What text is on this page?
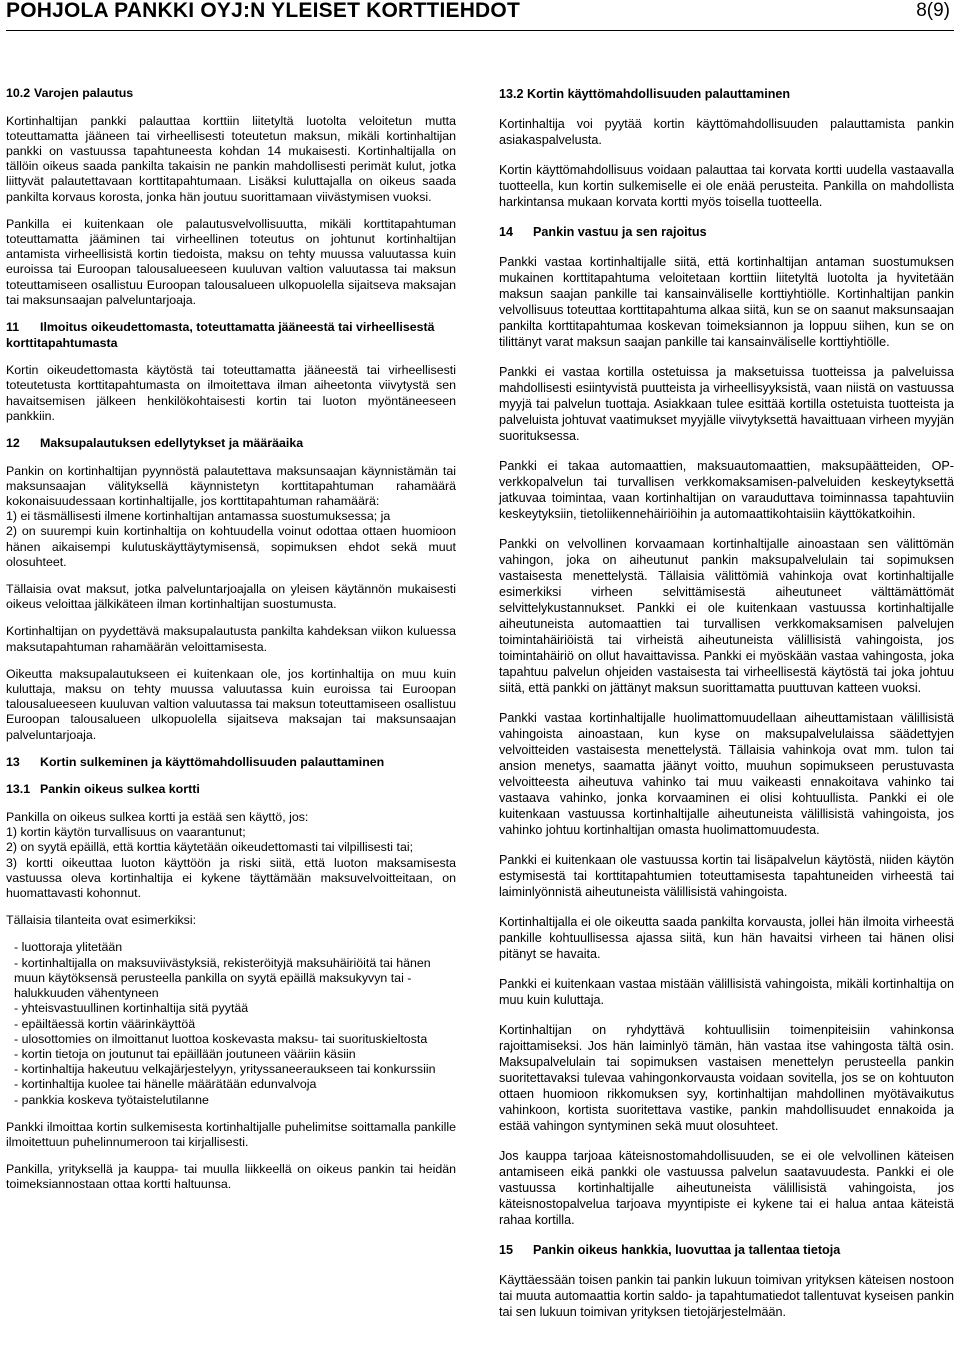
POHJOLA PANKKI OYJ:N YLEISET KORTTIEHDOT	8(9)
10.2 Varojen palautus

Kortinhaltijan pankki palauttaa korttiin liitetyltä luotolta veloitetun mutta toteuttamatta jääneen tai virheellisesti toteutetun maksun, mikäli kortinhaltijan pankki on vastuussa tapahtuneesta kohdan 14 mukaisesti. Kortinhaltijalla on tällöin oikeus saada pankilta takaisin ne pankin mahdollisesti perimät kulut, jotka liittyvät palautettavaan korttitapahtumaan. Lisäksi kuluttajalla on oikeus saada pankilta korvaus korosta, jonka hän joutuu suorittamaan viivästymisen vuoksi.

Pankilla ei kuitenkaan ole palautusvelvollisuutta, mikäli korttitapahtuman toteuttamatta jääminen tai virheellinen toteutus on johtunut kortinhaltijan antamista virheellisistä kortin tiedoista, maksu on tehty muussa valuutassa kuin euroissa tai Euroopan talousalueeseen kuuluvan valtion valuutassa tai maksun toteuttamiseen osallistuu Euroopan talousalueen ulkopuolella sijaitseva maksajan tai maksunsaajan palveluntarjoaja.

11 Ilmoitus oikeudettomasta, toteuttamatta jääneestä tai virheellisestä korttitapahtumasta

Kortin oikeudettomasta käytöstä tai toteuttamatta jääneestä tai virheellisesti toteutetusta korttitapahtumasta on ilmoitettava ilman aiheetonta viivytystä sen havaitsemisen jälkeen henkilökohtaisesti kortin tai luoton myöntäneeseen pankkiin.

12 Maksupalautuksen edellytykset ja määräaika

Pankin on kortinhaltijan pyynnöstä palautettava maksunsaajan käynnistämän tai maksunsaajan välityksellä käynnistetyn korttitapahtuman rahamäärä kokonaisuudessaan kortinhaltijalle, jos korttitapahtuman rahamäärä:
1) ei täsmällisesti ilmene kortinhaltijan antamassa suostumuksessa; ja
2) on suurempi kuin kortinhaltija on kohtuudella voinut odottaa ottaen huomioon hänen aikaisempi kulutuskäyttäytymisensä, sopimuksen ehdot sekä muut olosuhteet.

Tällaisia ovat maksut, jotka palveluntarjoajalla on yleisen käytännön mukaisesti oikeus veloittaa jälkikäteen ilman kortinhaltijan suostumusta.

Kortinhaltijan on pyydettävä maksupalautusta pankilta kahdeksan viikon kuluessa maksutapahtuman rahamäärän veloittamisesta.

Oikeutta maksupalautukseen ei kuitenkaan ole, jos kortinhaltija on muu kuin kuluttaja, maksu on tehty muussa valuutassa kuin euroissa tai Euroopan talousalueeseen kuuluvan valtion valuutassa tai maksun toteuttamiseen osallistuu Euroopan talousalueen ulkopuolella sijaitseva maksajan tai maksunsaajan palveluntarjoaja.

13 Kortin sulkeminen ja käyttömahdollisuuden palauttaminen
13.1 Pankin oikeus sulkea kortti

Pankilla on oikeus sulkea kortti ja estää sen käyttö, jos:
1) kortin käytön turvallisuus on vaarantunut;
2) on syytä epäillä, että korttia käytetään oikeudettomasti tai vilpillisesti tai;
3) kortti oikeuttaa luoton käyttöön ja riski siitä, että luoton maksamisesta vastuussa oleva kortinhaltija ei kykene täyttämään maksuvelvoitteitaan, on huomattavasti kohonnut.

Tällaisia tilanteita ovat esimerkiksi:

- luottoraja ylitetään
- kortinhaltijalla on maksuviivästyksiä, rekisteröityjä maksuhäiriöitä tai hänen muun käytöksensä perusteella pankilla on syytä epäillä maksukyvyn tai -halukkuuden vähentyneen
- yhteisvastuullinen kortinhaltija sitä pyytää
- epäiltäessä kortin väärinkäyttöä
- ulosottomies on ilmoittanut luottoa koskevasta maksu- tai suorituskieltosta
- kortin tietoja on joutunut tai epäillään joutuneen vääriin käsiin
- kortinhaltija hakeutuu velkajärjestelyyn, yrityssaneeraukseen tai konkurssiin
- kortinhaltija kuolee tai hänelle määrätään edunvalvoja
- pankkia koskeva työtaistelutilanne

Pankki ilmoittaa kortin sulkemisesta kortinhaltijalle puhelimitse soittamalla pankille ilmoitettuun puhelinnumeroon tai kirjallisesti.

Pankilla, yrityksellä ja kauppa- tai muulla liikkeellä on oikeus pankin tai heidän toimeksiannostaan ottaa kortti haltuunsa.

13.2 Kortin käyttömahdollisuuden palauttaminen

Kortinhaltija voi pyytää kortin käyttömahdollisuuden palauttamista pankin asiakaspalvelusta.

Kortin käyttömahdollisuus voidaan palauttaa tai korvata kortti uudella vastaavalla tuotteella, kun kortin sulkemiselle ei ole enää perusteita. Pankilla on mahdollista harkintansa mukaan korvata kortti myös toisella tuotteella.

14 Pankin vastuu ja sen rajoitus

Pankki vastaa kortinhaltijalle siitä, että kortinhaltijan antaman suostumuksen mukainen korttitapahtuma veloitetaan korttiin liitetyltä luotolta ja hyvitetään maksun saajan pankille tai kansainväliselle korttiyhtiölle. Kortinhaltijan pankin velvollisuus toteuttaa korttitapahtuma alkaa siitä, kun se on saanut maksunsaajan pankilta korttitapahtumaa koskevan toimeksiannon ja loppuu siihen, kun se on tilittänyt varat maksun saajan pankille tai kansainväliselle korttiyhtiölle.

Pankki ei vastaa kortilla ostetuissa ja maksetuissa tuotteissa ja palveluissa mahdollisesti esiintyvistä puutteista ja virheellisyyksistä, vaan niistä on vastuussa myyjä tai palvelun tuottaja. Asiakkaan tulee esittää kortilla ostetuista tuotteista ja palveluista johtuvat vaatimukset myyjälle viivytyksettä havaittuaan virheen myyjän suorituksessa.

Pankki ei takaa automaattien, maksuautomaattien, maksupäätteiden, OP-verkkopalvelun tai turvallisen verkkomaksamisen-palveluiden keskeytyksettä jatkuvaa toimintaa, vaan kortinhaltijan on varauduttava toiminnassa tapahtuviin keskeytyksiin, tietoliikennehäiriöihin ja automaattikohtaisiin käyttökatkoihin.

Pankki on velvollinen korvaamaan kortinhaltijalle ainoastaan sen välittömän vahingon, joka on aiheutunut pankin maksupalvelulain tai sopimuksen vastaisesta menettelystä. Tällaisia välittömiä vahinkoja ovat kortinhaltijalle esimerkiksi virheen selvittämisestä aiheutuneet välttämättömät selvittelykustannukset. Pankki ei ole kuitenkaan vastuussa kortinhaltijalle aiheutuneista automaattien tai turvallisen verkkomaksamisen palvelujen toimintahäiriöistä tai virheistä aiheutuneista välillisistä vahingoista, jos toimintahäiriö on ollut havaittavissa. Pankki ei myöskään vastaa vahingosta, joka tapahtuu palvelun ohjeiden vastaisesta tai virheellisestä käytöstä tai joka johtuu siitä, että pankki on jättänyt maksun suorittamatta puuttuvan katteen vuoksi.

Pankki vastaa kortinhaltijalle huolimattomuudellaan aiheuttamistaan välillisistä vahingoista ainoastaan, kun kyse on maksupalvelulaissa säädettyjen velvoitteiden vastaisesta menettelystä. Tällaisia vahinkoja ovat mm. tulon tai ansion menetys, saamatta jäänyt voitto, muuhun sopimukseen perustuvasta velvoitteesta aiheutuva vahinko tai muu vaikeasti ennakoitava vahinko tai vastaava vahinko, jonka korvaaminen ei olisi kohtuullista. Pankki ei ole kuitenkaan vastuussa kortinhaltijalle aiheutuneista välillisistä vahingoista, jos vahinko johtuu kortinhaltijan omasta huolimattomuudesta.

Pankki ei kuitenkaan ole vastuussa kortin tai lisäpalvelun käytöstä, niiden käytön estymisestä tai korttitapahtumien toteuttamisesta tapahtuneiden virheestä tai laiminlyönnistä aiheutuneista välillisistä vahingoista.

Kortinhaltijalla ei ole oikeutta saada pankilta korvausta, jollei hän ilmoita virheestä pankille kohtuullisessa ajassa siitä, kun hän havaitsi virheen tai hänen olisi pitänyt se havaita.

Pankki ei kuitenkaan vastaa mistään välillisistä vahingoista, mikäli kortinhaltija on muu kuin kuluttaja.

Kortinhaltijan on ryhdyttävä kohtuullisiin toimenpiteisiin vahinkonsa rajoittamiseksi. Jos hän laiminlyö tämän, hän vastaa itse vahingosta tältä osin. Maksupalvelulain tai sopimuksen vastaisen menettelyn perusteella pankin suoritettavaksi tulevaa vahingonkorvausta voidaan sovitella, jos se on kohtuuton ottaen huomioon rikkomuksen syy, kortinhaltijan mahdollinen myötävaikutus vahinkoon, kortista suoritettava vastike, pankin mahdollisuudet ennakoida ja estää vahingon syntyminen sekä muut olosuhteet.

Jos kauppa tarjoaa käteisnostomahdollisuuden, se ei ole velvollinen käteisen antamiseen eikä pankki ole vastuussa palvelun saatavuudesta. Pankki ei ole vastuussa kortinhaltijalle aiheutuneista välillisistä vahingoista, jos käteisnostopalvelua tarjoava myyntipiste ei kykene tai ei halua antaa käteistä rahaa kortilla.

15 Pankin oikeus hankkia, luovuttaa ja tallentaa tietoja

Käyttäessään toisen pankin tai pankin lukuun toimivan yrityksen käteisen nostoon tai muuta automaattia kortin saldo- ja tapahtumatiedot tallentuvat kyseisen pankin tai sen lukuun toimivan yrityksen tietojärjestelmään.
